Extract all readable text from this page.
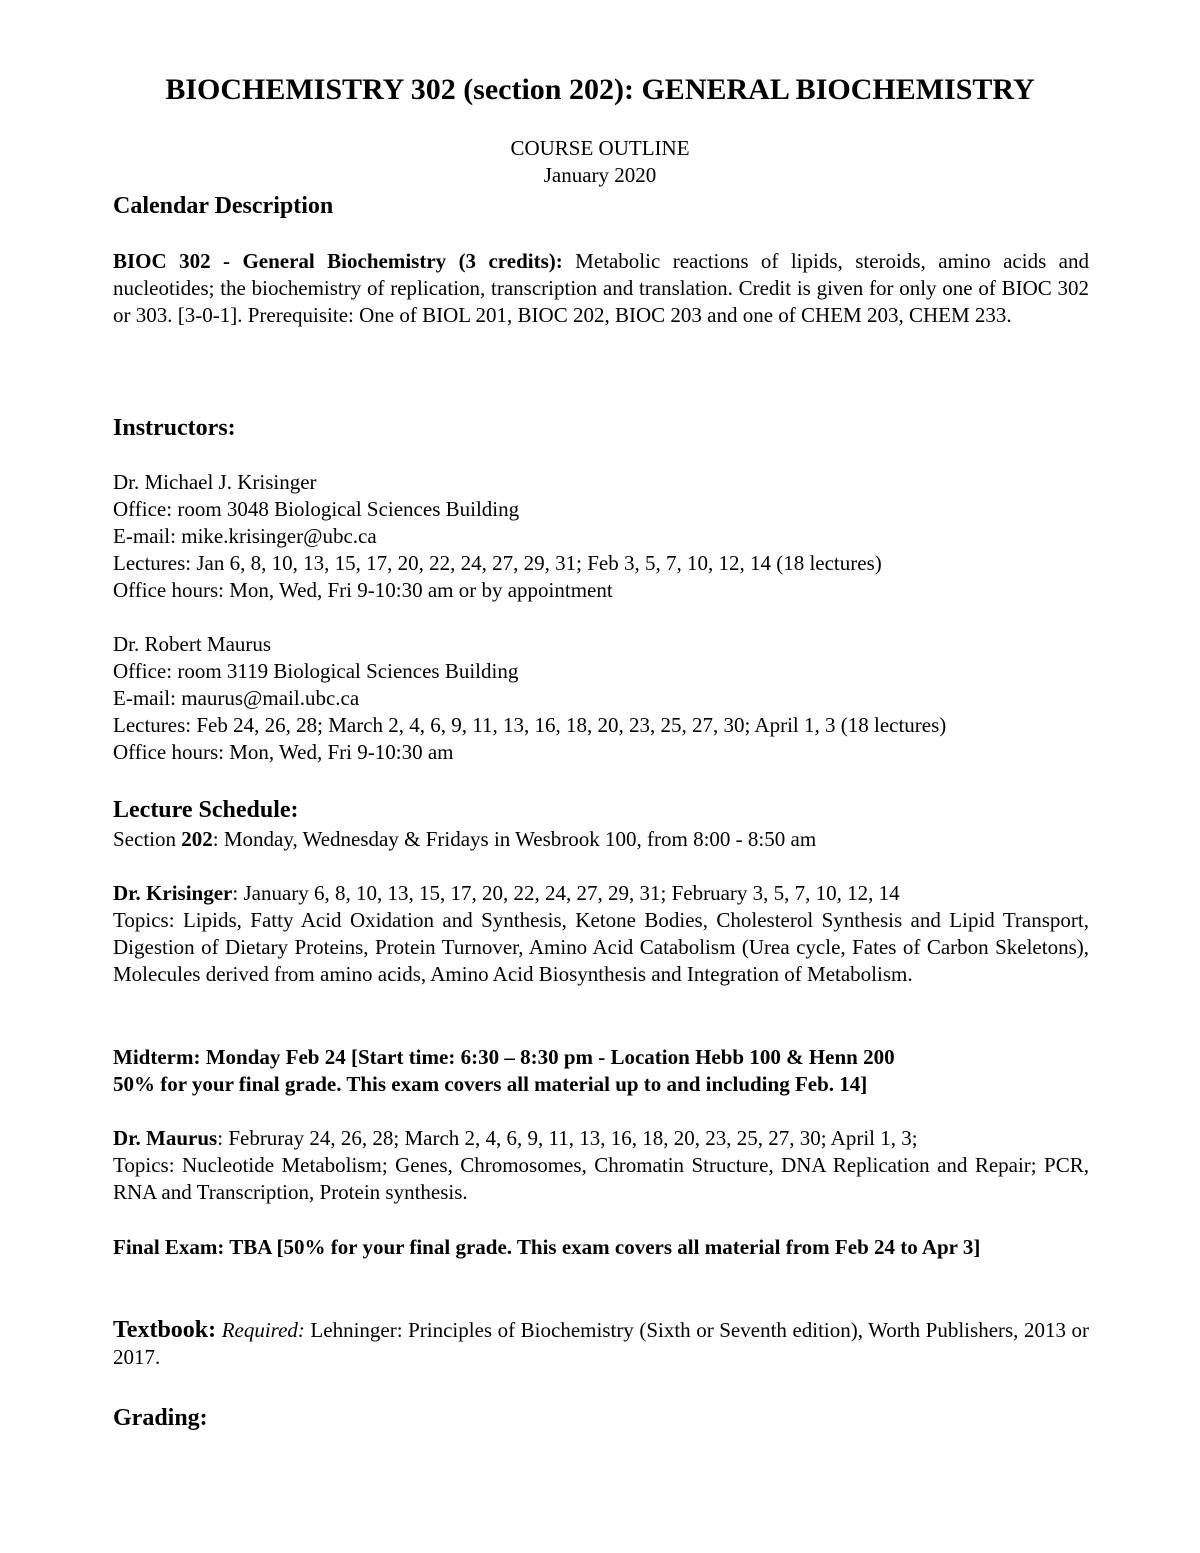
BIOCHEMISTRY 302 (section 202): GENERAL BIOCHEMISTRY
COURSE OUTLINE
January 2020
Calendar Description
BIOC 302 - General Biochemistry (3 credits): Metabolic reactions of lipids, steroids, amino acids and nucleotides; the biochemistry of replication, transcription and translation. Credit is given for only one of BIOC 302 or 303. [3-0-1]. Prerequisite: One of BIOL 201, BIOC 202, BIOC 203 and one of CHEM 203, CHEM 233.
Instructors:
Dr. Michael J. Krisinger
Office: room 3048 Biological Sciences Building
E-mail: mike.krisinger@ubc.ca
Lectures: Jan 6, 8, 10, 13, 15, 17, 20, 22, 24, 27, 29, 31; Feb 3, 5, 7, 10, 12, 14 (18 lectures)
Office hours: Mon, Wed, Fri 9-10:30 am or by appointment
Dr. Robert Maurus
Office: room 3119 Biological Sciences Building
E-mail: maurus@mail.ubc.ca
Lectures: Feb 24, 26, 28; March 2, 4, 6, 9, 11, 13, 16, 18, 20, 23, 25, 27, 30; April 1, 3 (18 lectures)
Office hours: Mon, Wed, Fri 9-10:30 am
Lecture Schedule:
Section 202: Monday, Wednesday & Fridays in Wesbrook 100, from 8:00 - 8:50 am
Dr. Krisinger: January 6, 8, 10, 13, 15, 17, 20, 22, 24, 27, 29, 31; February 3, 5, 7, 10, 12, 14
Topics: Lipids, Fatty Acid Oxidation and Synthesis, Ketone Bodies, Cholesterol Synthesis and Lipid Transport, Digestion of Dietary Proteins, Protein Turnover, Amino Acid Catabolism (Urea cycle, Fates of Carbon Skeletons), Molecules derived from amino acids, Amino Acid Biosynthesis and Integration of Metabolism.
Midterm: Monday Feb 24 [Start time: 6:30 – 8:30 pm - Location Hebb 100 & Henn 200
50% for your final grade. This exam covers all material up to and including Feb. 14]
Dr. Maurus: Februray 24, 26, 28; March 2, 4, 6, 9, 11, 13, 16, 18, 20, 23, 25, 27, 30; April 1, 3;
Topics: Nucleotide Metabolism; Genes, Chromosomes, Chromatin Structure, DNA Replication and Repair; PCR, RNA and Transcription, Protein synthesis.
Final Exam: TBA [50% for your final grade. This exam covers all material from Feb 24 to Apr 3]
Textbook: Required: Lehninger: Principles of Biochemistry (Sixth or Seventh edition), Worth Publishers, 2013 or 2017.
Grading:
